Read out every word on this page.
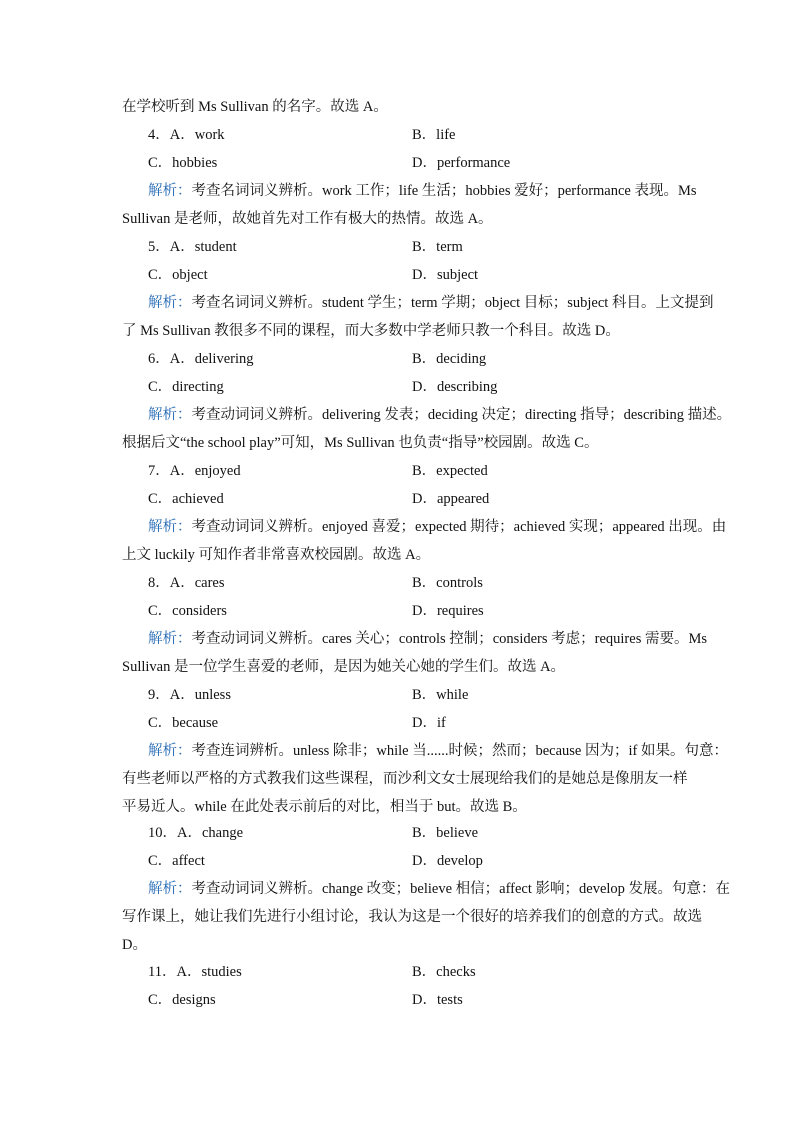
在学校听到 Ms Sullivan 的名字。故选 A。
4．A．work	B．life
C．hobbies	D．performance
解析：考查名词词义辨析。work 工作；life 生活；hobbies 爱好；performance 表现。Ms
Sullivan 是老师，故她首先对工作有极大的热情。故选 A。
5．A．student	B．term
C．object	D．subject
解析：考查名词词义辨析。student 学生；term 学期；object 目标；subject 科目。上文提到
了 Ms Sullivan 教很多不同的课程，而大多数中学老师只教一个科目。故选 D。
6．A．delivering	B．deciding
C．directing	D．describing
解析：考查动词词义辨析。delivering 发表；deciding 决定；directing 指导；describing 描述。
根据后文“the school play”可知，Ms Sullivan 也负责“指导”校园剧。故选 C。
7．A．enjoyed	B．expected
C．achieved	D．appeared
解析：考查动词词义辨析。enjoyed 喜爱；expected 期待；achieved 实现；appeared 出现。由
上文 luckily 可知作者非常喜欢校园剧。故选 A。
8．A．cares	B．controls
C．considers	D．requires
解析：考查动词词义辨析。cares 关心；controls 控制；considers 考虑；requires 需要。Ms
Sullivan 是一位学生喜爱的老师，是因为她关心她的学生们。故选 A。
9．A．unless	B．while
C．because	D．if
解析：考查连词辨析。unless 除非；while 当......时候；然而；because 因为；if 如果。句意：
有些老师以严格的方式教我们这些课程，而沙利文女士展现给我们的是她总是像朋友一样
平易近人。while 在此处表示前后的对比，相当于 but。故选 B。
10．A．change	B．believe
C．affect	D．develop
解析：考查动词词义辨析。change 改变；believe 相信；affect 影响；develop 发展。句意：在
写作课上，她让我们先进行小组讨论，我认为这是一个很好的培养我们的创意的方式。故选
D。
11．A．studies	B．checks
C．designs	D．tests
